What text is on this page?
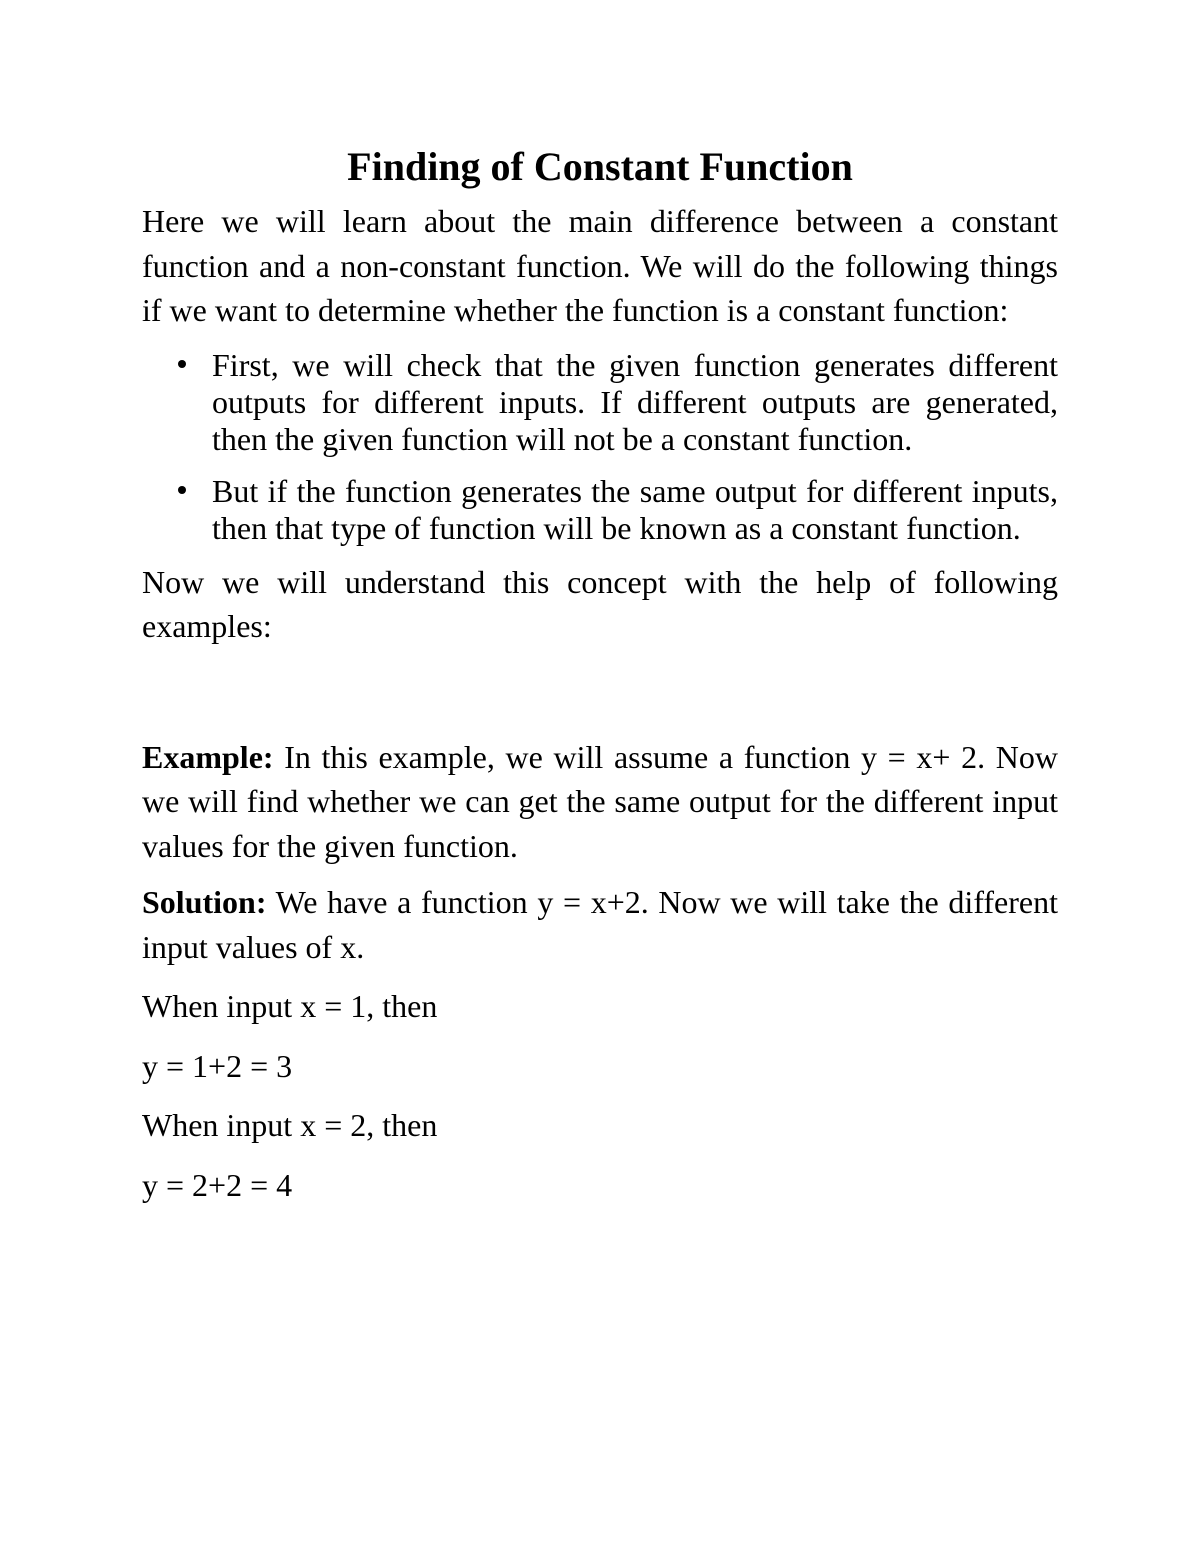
Finding of Constant Function

Here we will learn about the main difference between a constant function and a non-constant function. We will do the following things if we want to determine whether the function is a constant function:

First, we will check that the given function generates different outputs for different inputs. If different outputs are generated, then the given function will not be a constant function.
But if the function generates the same output for different inputs, then that type of function will be known as a constant function.

Now we will understand this concept with the help of following examples:

Example: In this example, we will assume a function y = x+ 2. Now we will find whether we can get the same output for the different input values for the given function.

Solution: We have a function y = x+2. Now we will take the different input values of x.

When input x = 1, then

y = 1+2 = 3

When input x = 2, then

y = 2+2 = 4
